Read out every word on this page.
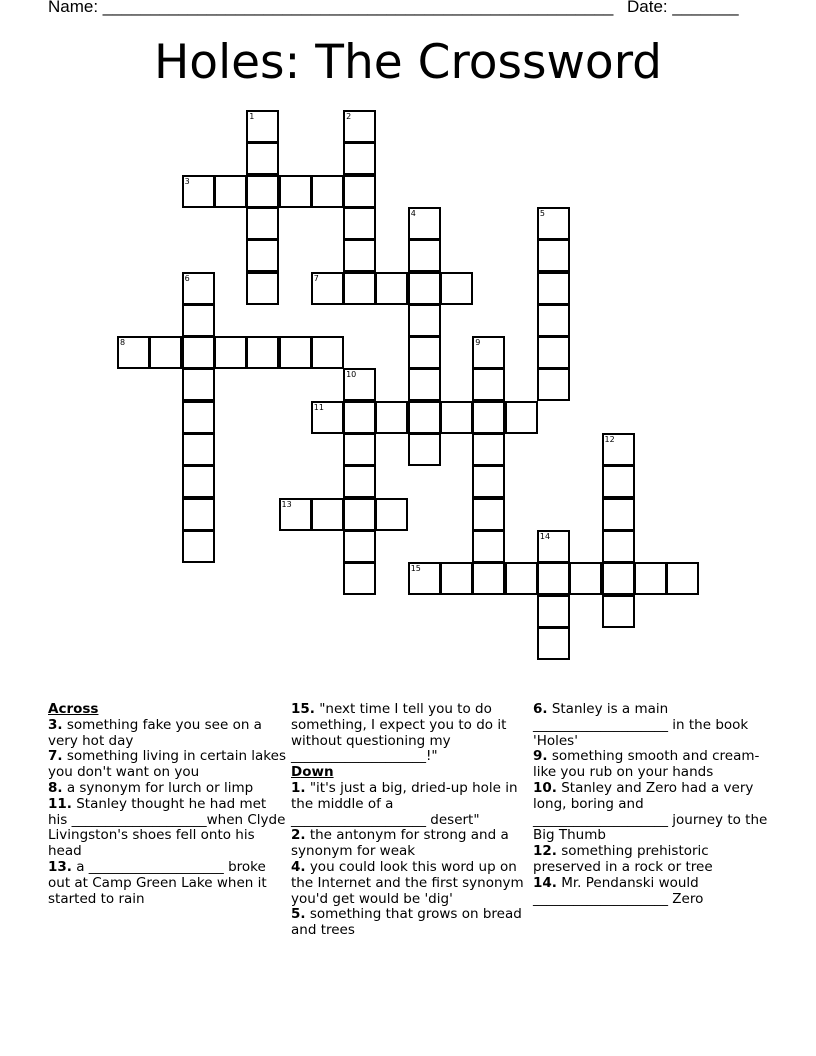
Name: ______________________________________________________ Date: _______
Holes: The Crossword
1	2
3
4	5
6	7
8	9
10
11
12
13
14
15
Across
3. something fake you see on a very hot day
7. something living in certain lakes you don't want on you
8. a synonym for lurch or limp
11. Stanley thought he had met his ____________________when Clyde Livingston's shoes fell onto his head
13. a ____________________ broke out at Camp Green Lake when it started to rain
15. "next time I tell you to do something, I expect you to do it without questioning my ____________________!"
Down
1. "it's just a big, dried-up hole in the middle of a ____________________ desert"
2. the antonym for strong and a synonym for weak
4. you could look this word up on the Internet and the first synonym you'd get would be 'dig'
5. something that grows on bread and trees
6. Stanley is a main ____________________ in the book 'Holes'
9. something smooth and cream-like you rub on your hands
10. Stanley and Zero had a very long, boring and ____________________ journey to the Big Thumb
12. something prehistoric preserved in a rock or tree
14. Mr. Pendanski would ____________________ Zero
